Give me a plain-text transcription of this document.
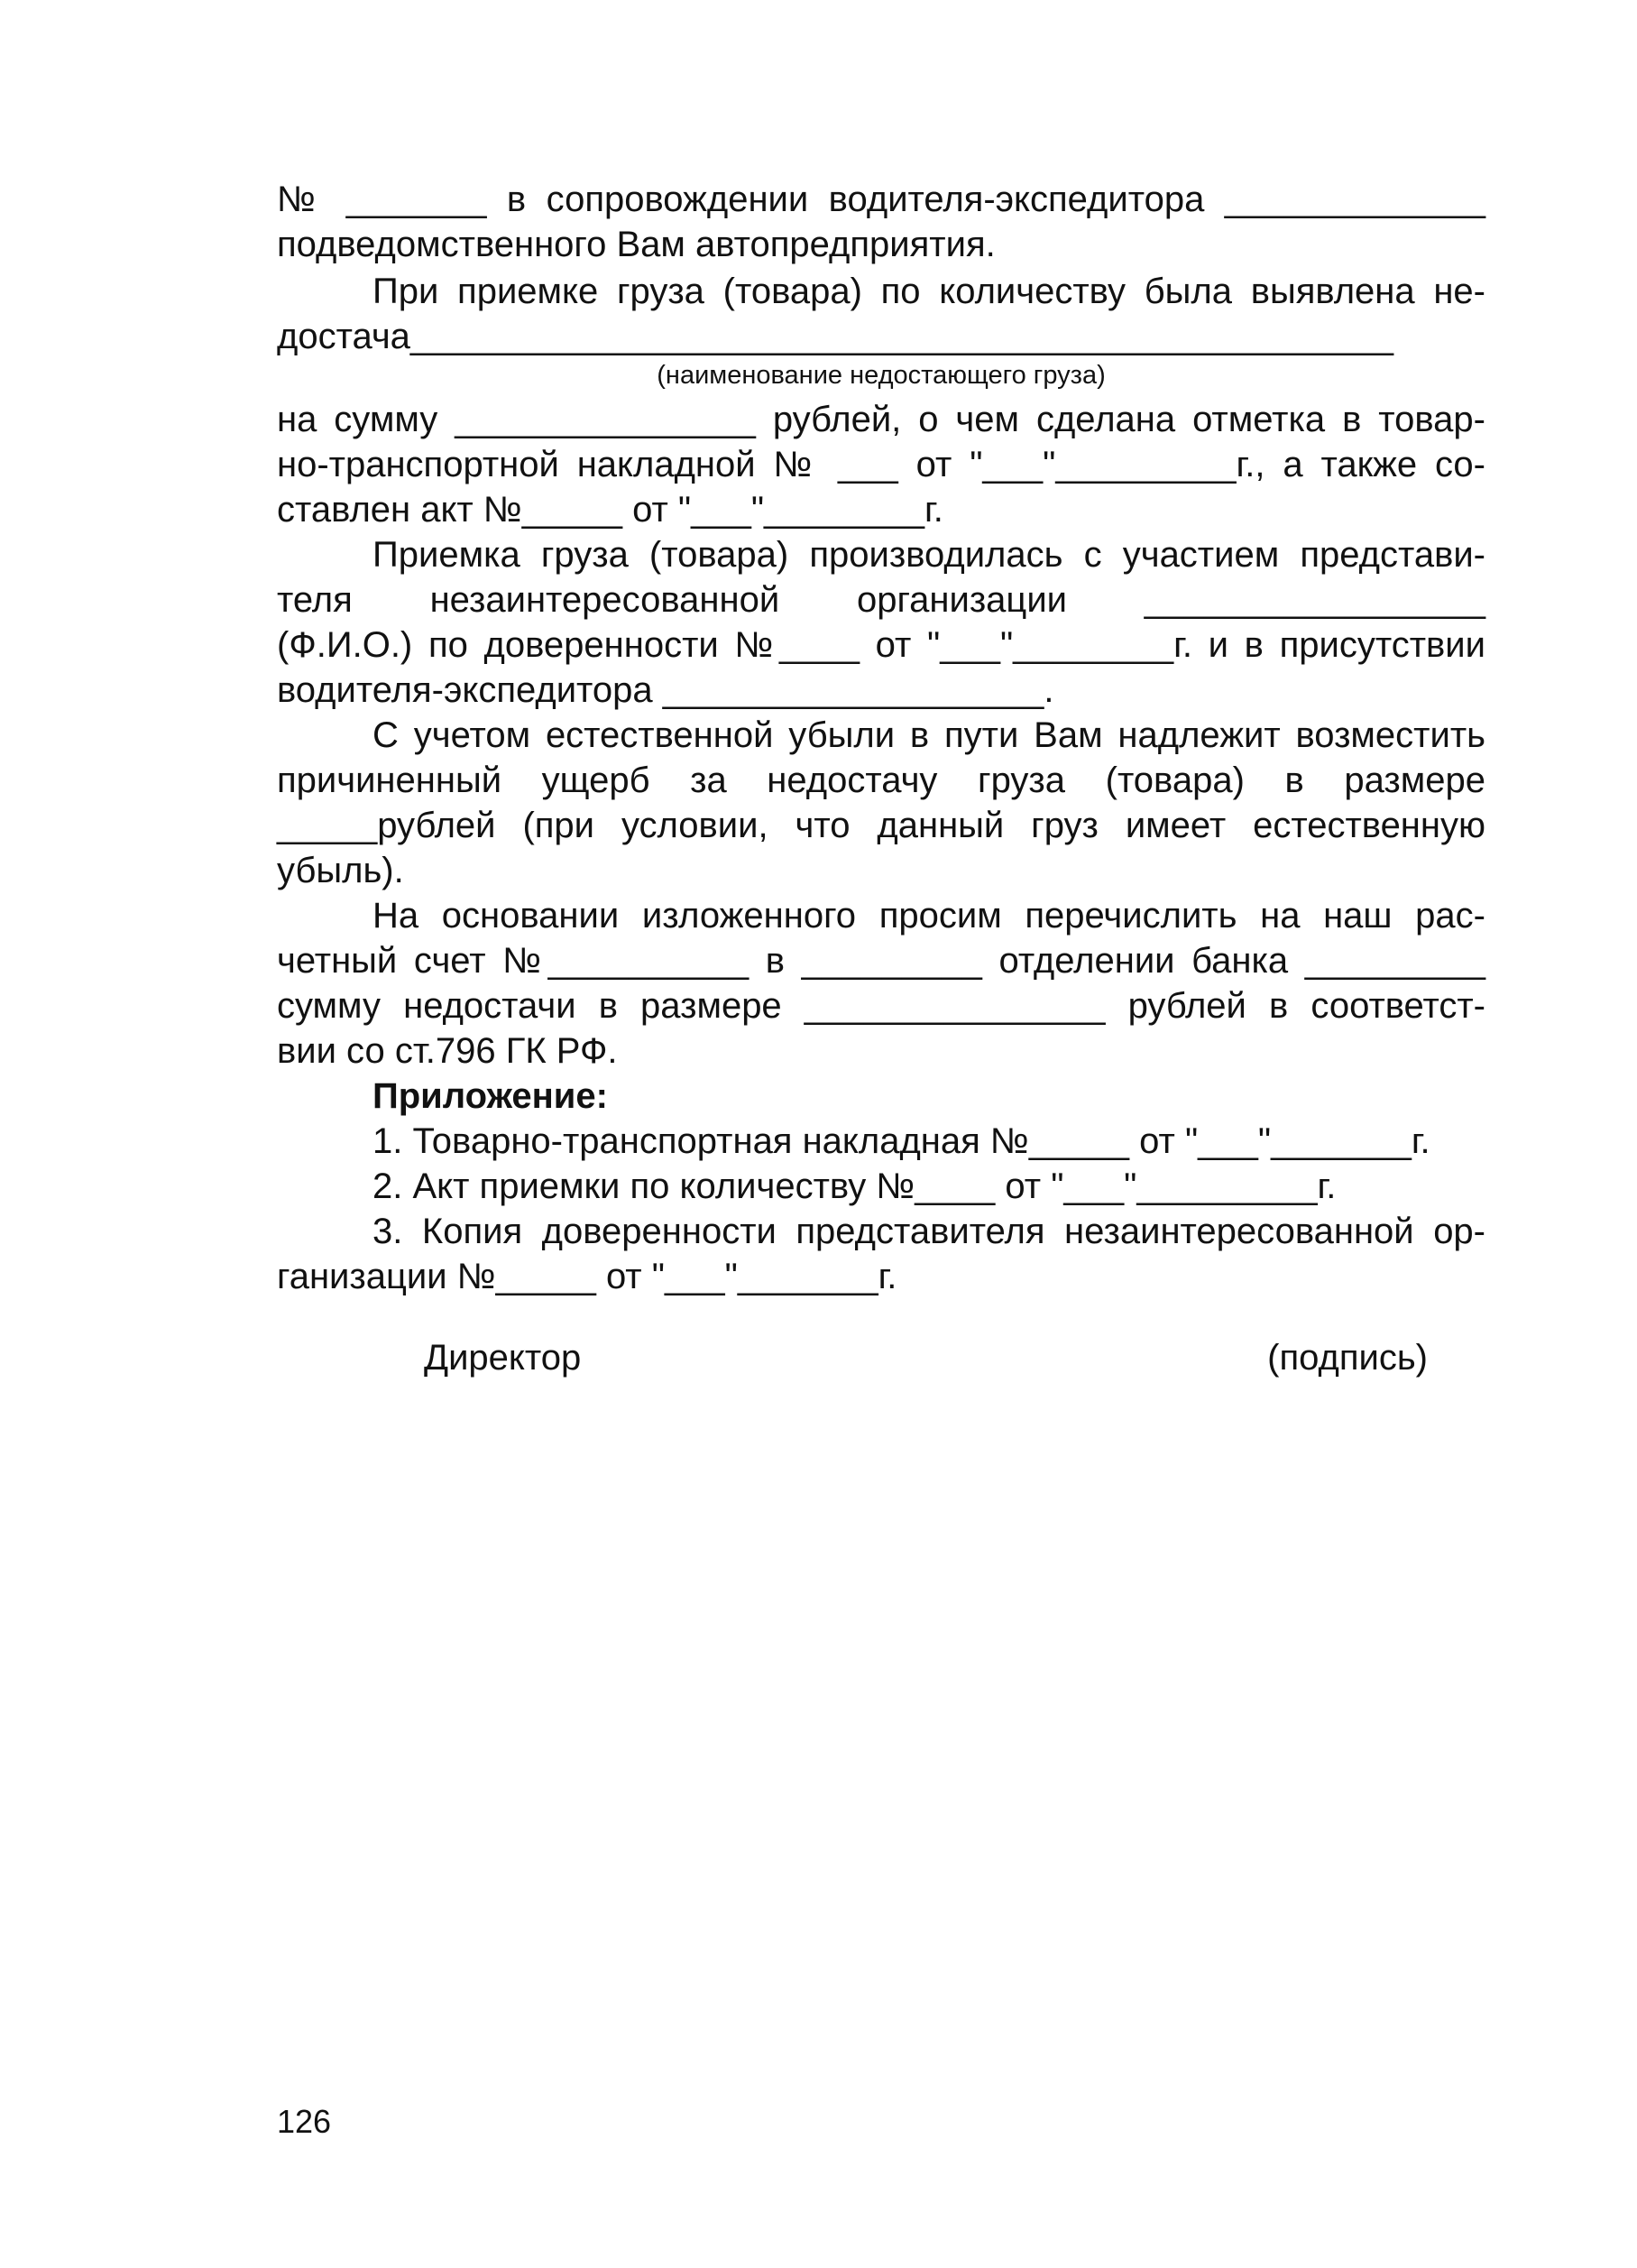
№ _______ в сопровождении водителя-экспедитора _____________
подведомственного Вам автопредприятия.
При приемке груза (товара) по количеству была выявлена не-
достача_________________________________________________
(наименование недостающего груза)
на сумму _______________ рублей, о чем сделана отметка в товар-
но-транспортной накладной № ___ от "___"_________г., а также со-
ставлен акт №_____ от "___"________г.
Приемка груза (товара) производилась с участием представи-
теля незаинтересованной организации _________________
(Ф.И.О.) по доверенности №____ от "___"________г. и в присутствии
водителя-экспедитора ___________________.
С учетом естественной убыли в пути Вам надлежит возместить
причиненный ущерб за недостачу груза (товара) в размере
_____рублей (при условии, что данный груз имеет естественную
убыль).
На основании изложенного просим перечислить на наш рас-
четный счет №__________ в _________ отделении банка _________
сумму недостачи в размере _______________ рублей в соответст-
вии со ст.796 ГК РФ.
Приложение:
1. Товарно-транспортная накладная №_____ от "___"_______г.
2. Акт приемки по количеству №____ от "___"_________г.
3. Копия доверенности представителя незаинтересованной ор-
ганизации №_____ от "___"_______г.
Директор	(подпись)
126
